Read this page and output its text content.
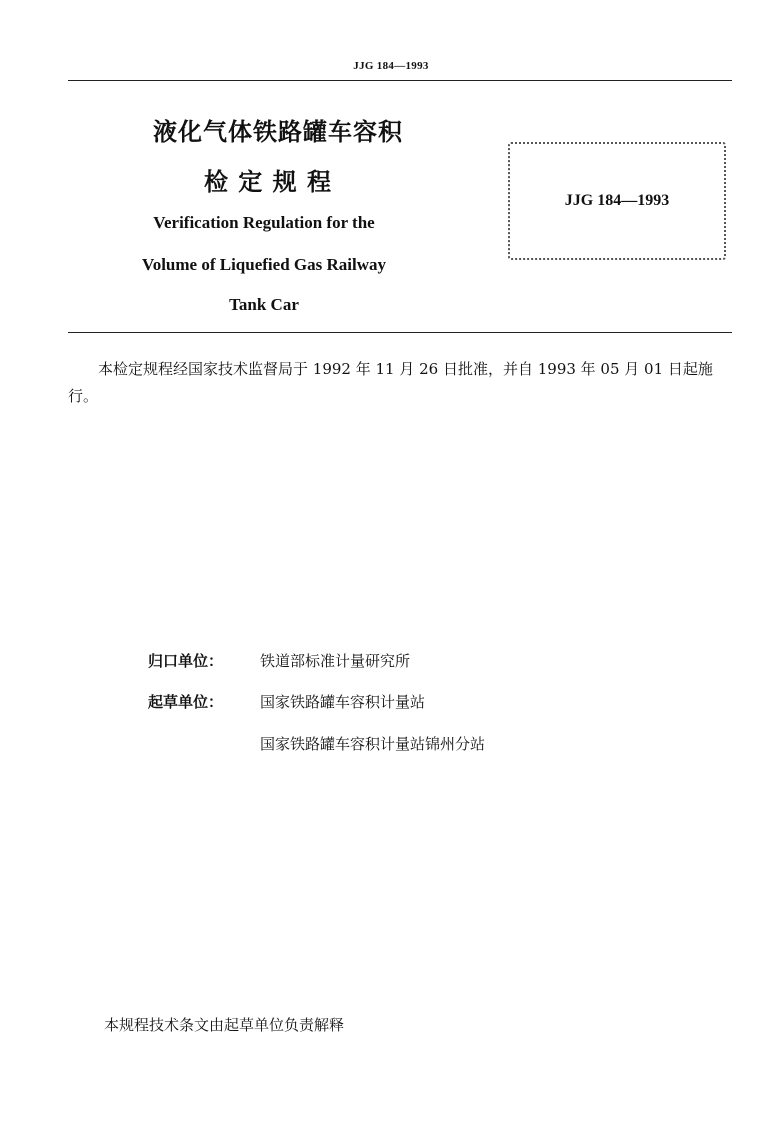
JJG 184—1993
液化气体铁路罐车容积
检 定 规 程
Verification Regulation for the
Volume of Liquefied Gas Railway
Tank Car
JJG 184—1993

本检定规程经国家技术监督局于 1992 年 11 月 26 日批准，并自 1993 年 05 月 01 日起施行。

归口单位： 铁道部标准计量研究所
起草单位： 国家铁路罐车容积计量站
国家铁路罐车容积计量站锦州分站
本规程技术条文由起草单位负责解释
